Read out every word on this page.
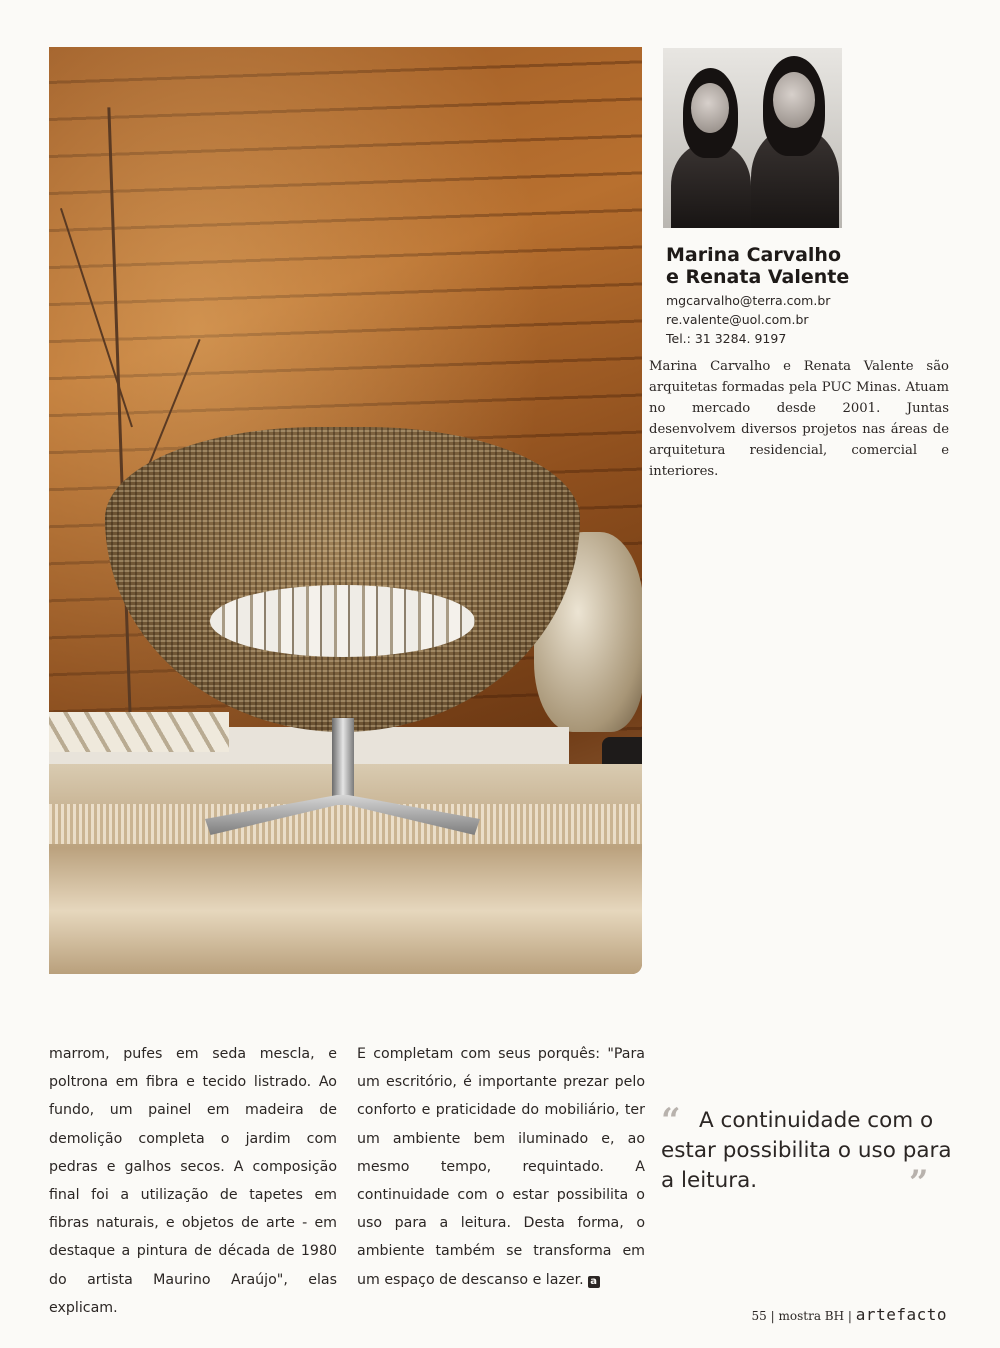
Marina Carvalho
e Renata Valente
mgcarvalho@terra.com.br
re.valente@uol.com.br
Tel.: 31 3284. 9197
Marina Carvalho e Renata Valente são arquitetas formadas pela PUC Minas. Atuam no mercado desde 2001. Juntas desenvolvem diversos projetos nas áreas de arquitetura residencial, comercial e interiores.
marrom, pufes em seda mescla, e poltrona em fibra e tecido listrado. Ao fundo, um painel em madeira de demolição completa o jardim com pedras e galhos secos. A composição final foi a utilização de tapetes em fibras naturais, e objetos de arte - em destaque a pintura de década de 1980 do artista Maurino Araújo", elas explicam.
E completam com seus porquês: "Para um escritório, é importante prezar pelo conforto e praticidade do mobiliário, ter um ambiente bem iluminado e, ao mesmo tempo, requintado. A continuidade com o estar possibilita o uso para a leitura. Desta forma, o ambiente também se transforma em um espaço de descanso e lazer. a
“ A continuidade com o estar possibilita o uso para a leitura.	”
55 | mostra BH | artefacto
